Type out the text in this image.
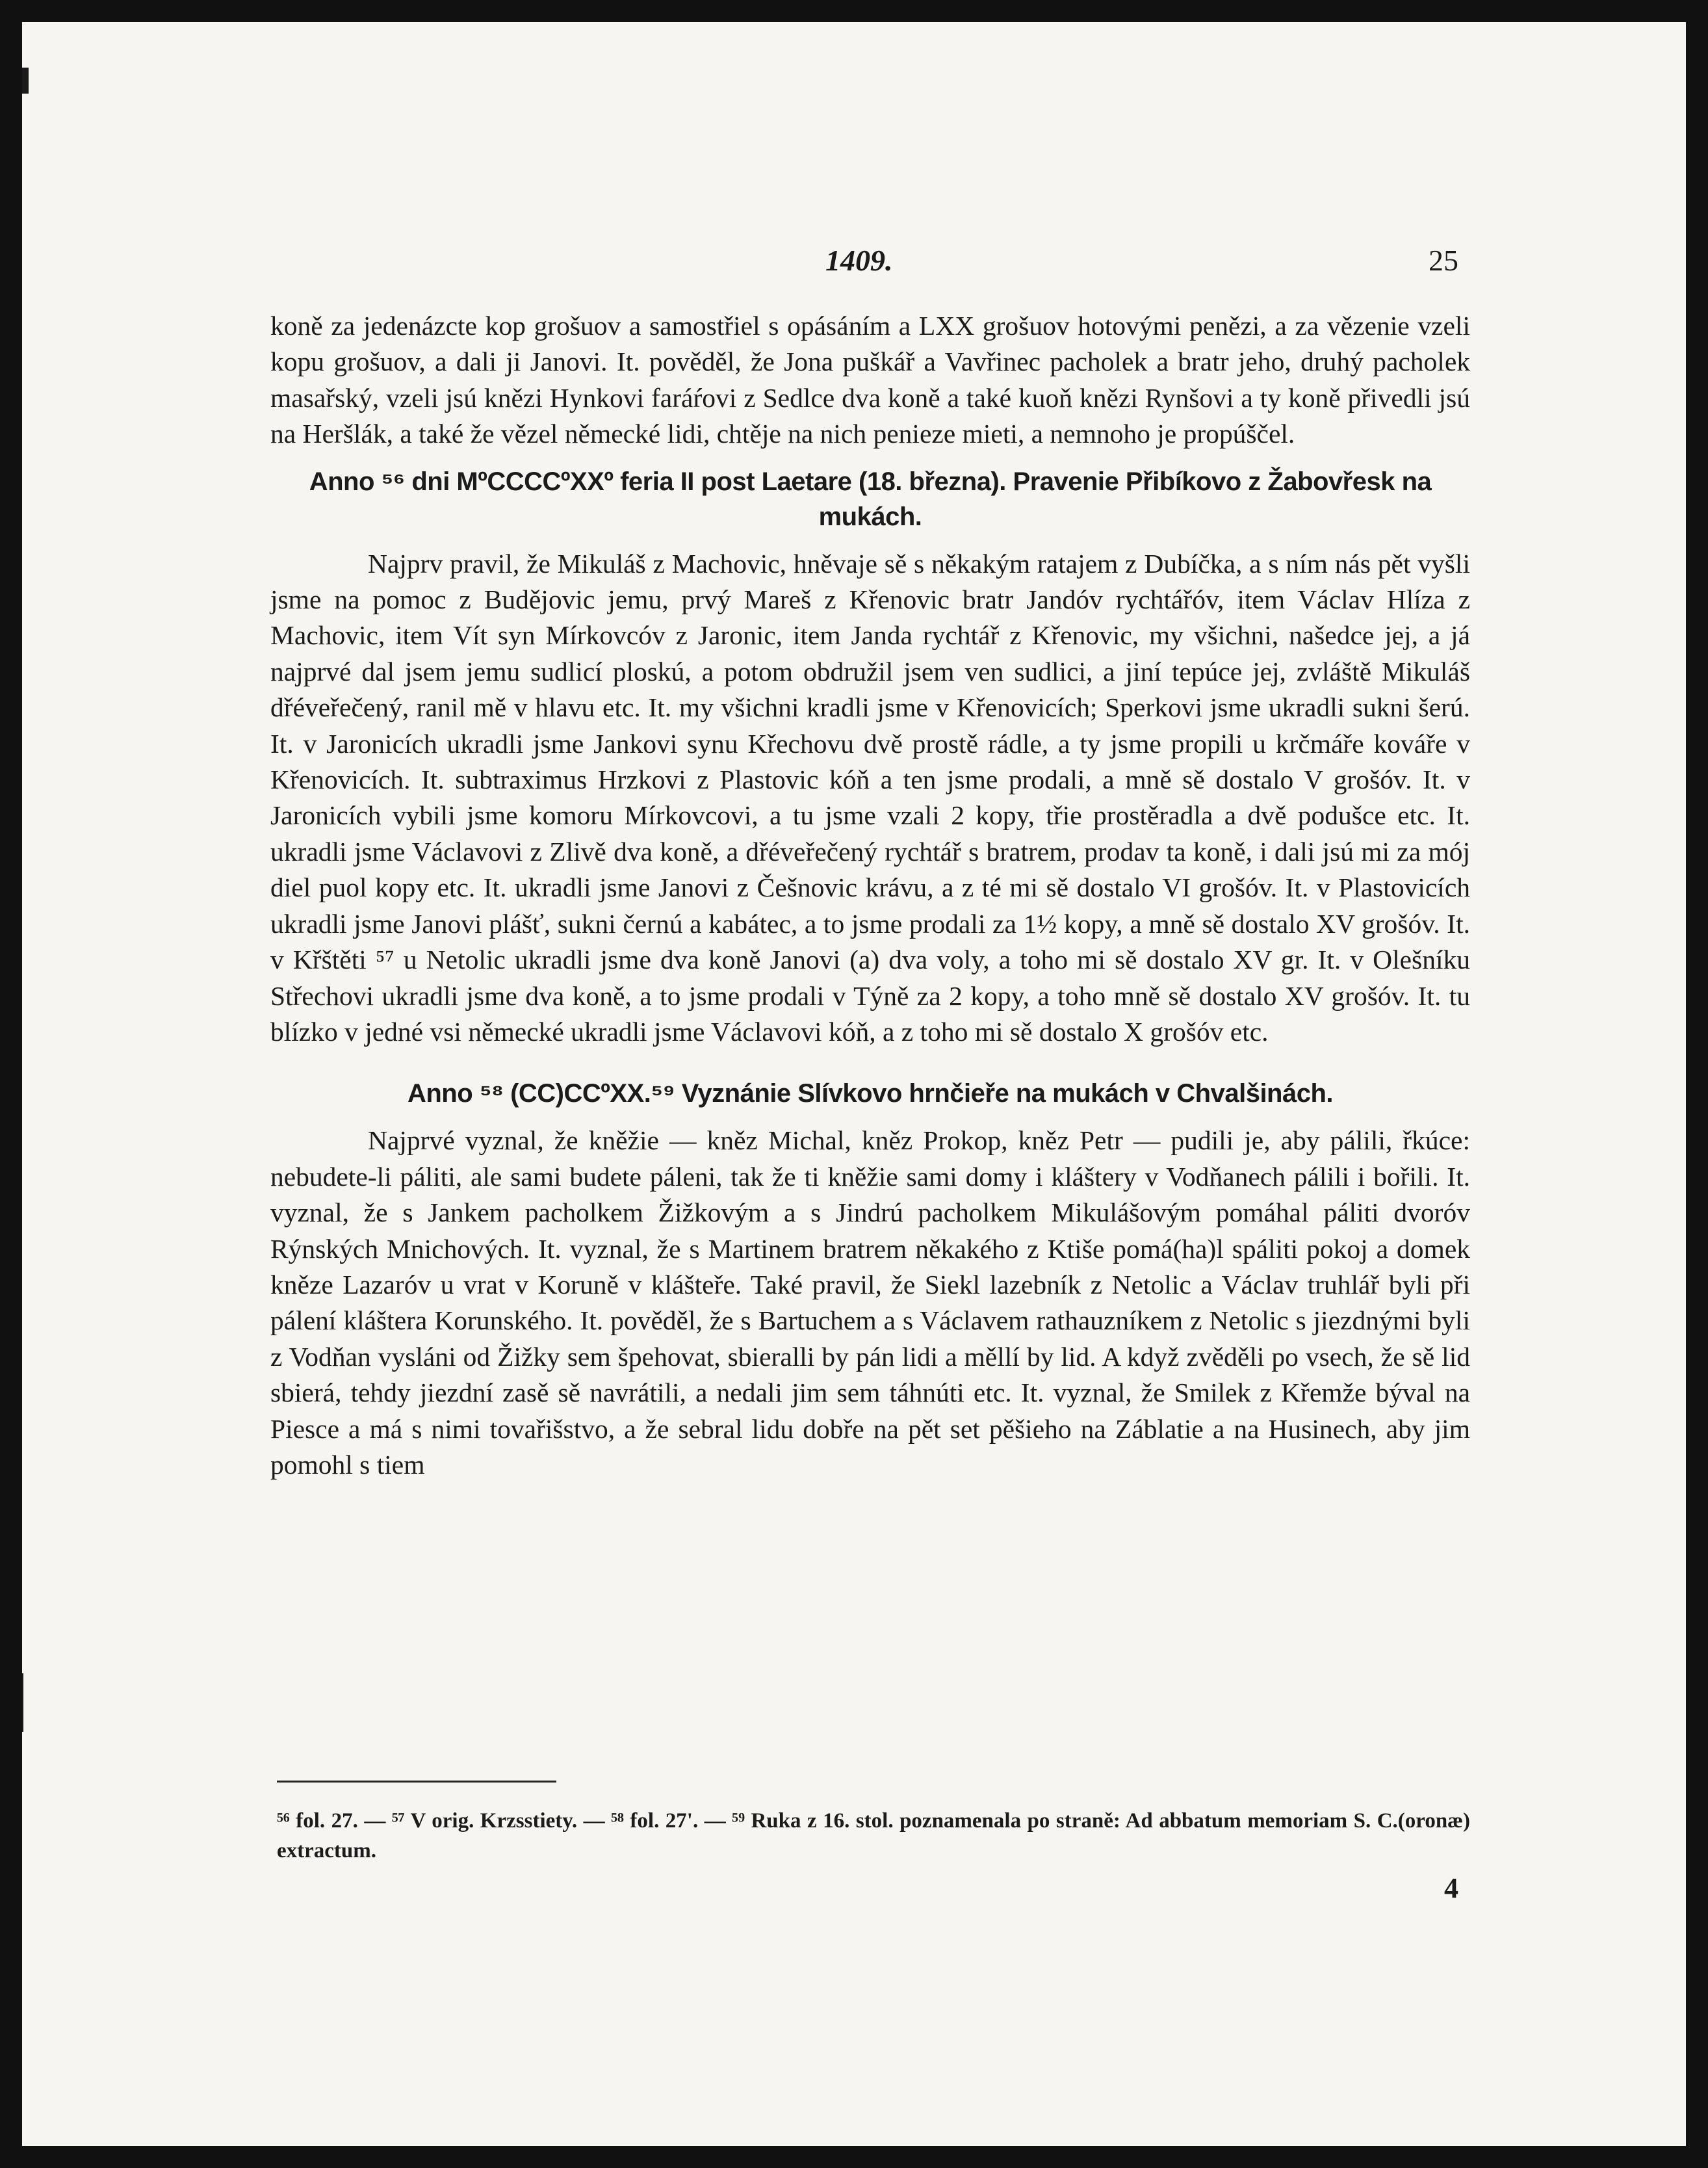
1409.	25

koně za jedenázcte kop grošuov a samostřiel s opásáním a LXX grošuov hotovými penězi, a za vězenie vzeli kopu grošuov, a dali ji Janovi. It. pověděl, že Jona puškář a Vavřinec pacholek a bratr jeho, druhý pacholek masařský, vzeli jsú knězi Hynkovi faráŕovi z Sedlce dva koně a také kuoň knězi Rynšovi a ty koně přivedli jsú na Heršlák, a také že vězel německé lidi, chtěje na nich penieze mieti, a nemnoho je propúščel.

Anno ⁵⁶ dni MºCCCCºXXº feria II post Laetare (18. března). Pravenie Přibíkovo z Žabovřesk na mukách.

Najprv pravil, že Mikuláš z Machovic, hněvaje sě s někakým ratajem z Dubíčka, a s ním nás pět vyšli jsme na pomoc z Budějovic jemu, prvý Mareš z Křenovic bratr Jandóv rychtářóv, item Václav Hlíza z Machovic, item Vít syn Mírkovcóv z Jaronic, item Janda rychtář z Křenovic, my všichni, našedce jej, a já najprvé dal jsem jemu sudlicí ploskú, a potom obdružil jsem ven sudlici, a jiní tepúce jej, zvláště Mikuláš dřéveřečený, ranil mě v hlavu etc. It. my všichni kradli jsme v Křenovicích; Sperkovi jsme ukradli sukni šerú. It. v Jaronicích ukradli jsme Jankovi synu Křechovu dvě prostě rádle, a ty jsme propili u krčmáře kováře v Křenovicích. It. subtraximus Hrzkovi z Plastovic kóň a ten jsme prodali, a mně sě dostalo V grošóv. It. v Jaronicích vybili jsme komoru Mírkovcovi, a tu jsme vzali 2 kopy, třie prostěradla a dvě podušce etc. It. ukradli jsme Václavovi z Zlivě dva koně, a dřéveřečený rychtář s bratrem, prodav ta koně, i dali jsú mi za mój diel puol kopy etc. It. ukradli jsme Janovi z Češnovic krávu, a z té mi sě dostalo VI grošóv. It. v Plastovicích ukradli jsme Janovi plášť, sukni černú a kabátec, a to jsme prodali za 1½ kopy, a mně sě dostalo XV grošóv. It. v Křštěti ⁵⁷ u Netolic ukradli jsme dva koně Janovi (a) dva voly, a toho mi sě dostalo XV gr. It. v Olešníku Střechovi ukradli jsme dva koně, a to jsme prodali v Týně za 2 kopy, a toho mně sě dostalo XV grošóv. It. tu blízko v jedné vsi německé ukradli jsme Václavovi kóň, a z toho mi sě dostalo X grošóv etc.

Anno ⁵⁸ (CC)CCºXX.⁵⁹ Vyznánie Slívkovo hrnčieře na mukách v Chvalšinách.

Najprvé vyznal, že kněžie — kněz Michal, kněz Prokop, kněz Petr — pudili je, aby pálili, řkúce: nebudete-li páliti, ale sami budete páleni, tak že ti kněžie sami domy i kláštery v Vodňanech pálili i bořili. It. vyznal, že s Jankem pacholkem Žižkovým a s Jindrú pacholkem Mikulášovým pomáhal páliti dvoróv Rýnských Mnichových. It. vyznal, že s Martinem bratrem někakého z Ktiše pomá(ha)l spáliti pokoj a domek kněze Lazaróv u vrat v Koruně v klášteře. Také pravil, že Siekl lazebník z Netolic a Václav truhlář byli při pálení kláštera Korunského. It. pověděl, že s Bartuchem a s Václavem rathauzníkem z Netolic s jiezdnými byli z Vodňan vysláni od Žižky sem špehovat, sbieralli by pán lidi a měllí by lid. A když zvěděli po vsech, že sě lid sbierá, tehdy jiezdní zasě sě navrátili, a nedali jim sem táhnúti etc. It. vyznal, že Smilek z Křemže býval na Piesce a má s nimi tovařišstvo, a že sebral lidu dobře na pět set pěšieho na Záblatie a na Husinech, aby jim pomohl s tiem

⁵⁶ fol. 27. — ⁵⁷ V orig. Krzsstiety. — ⁵⁸ fol. 27'. — ⁵⁹ Ruka z 16. stol. poznamenala po straně: Ad abbatum memoriam S. C.(oronæ) extractum.

4
